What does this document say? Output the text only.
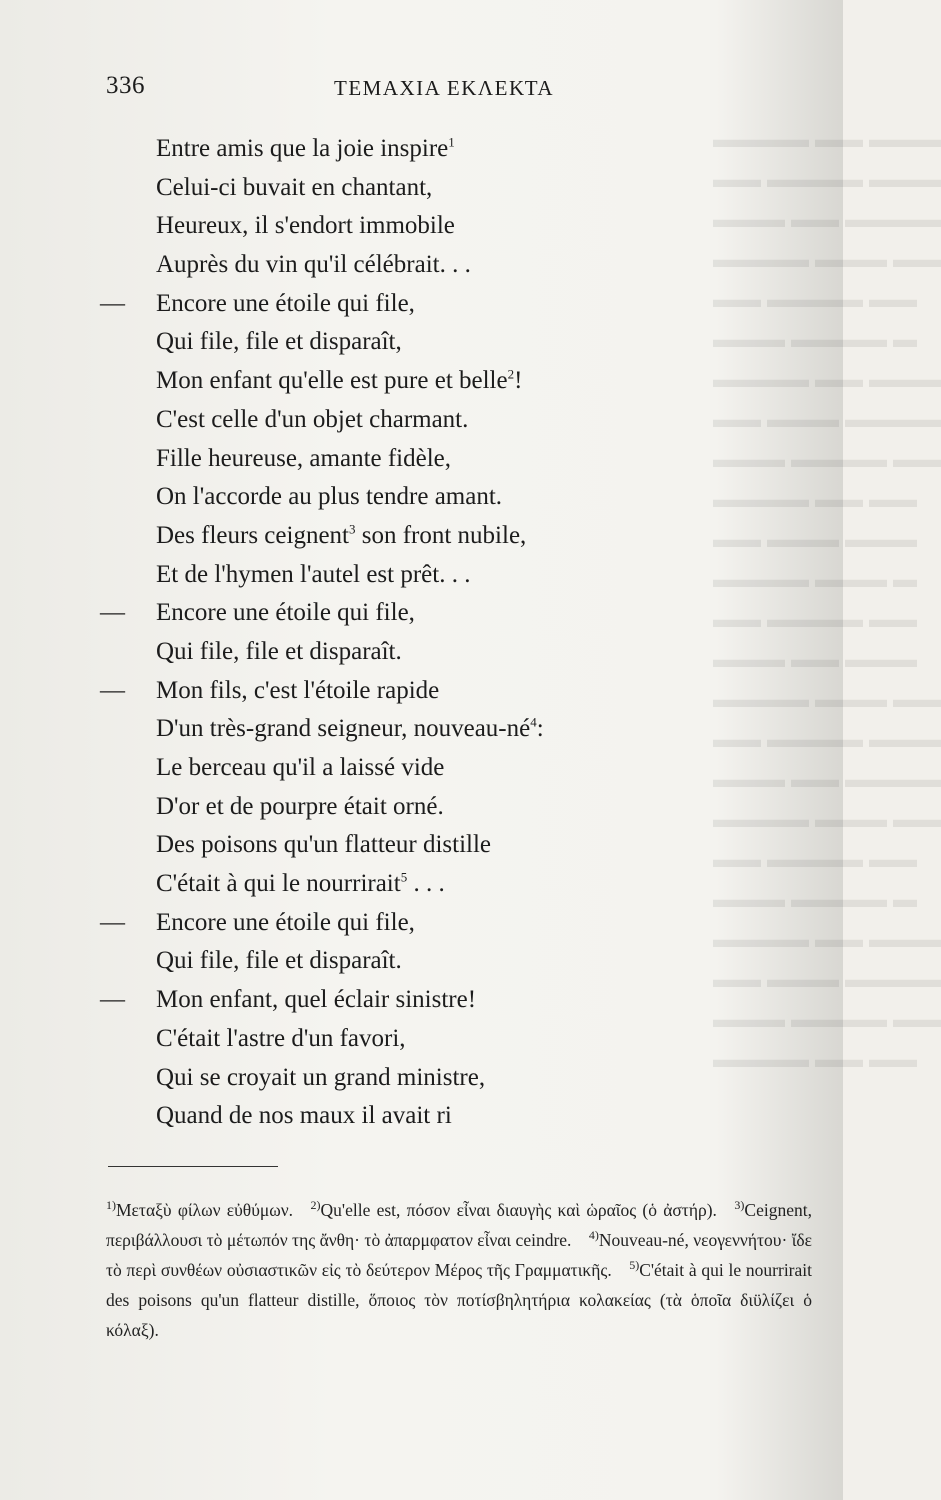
▬▬▬▬ ▬▬ ▬▬▬
▬▬ ▬▬▬▬ ▬▬▬
▬▬▬ ▬▬ ▬▬▬▬
▬▬▬▬ ▬▬▬ ▬▬
▬▬ ▬▬▬▬ ▬▬
▬▬▬ ▬▬▬▬ ▬
▬▬▬▬ ▬▬ ▬▬▬
▬▬ ▬▬▬ ▬▬▬▬
▬▬▬ ▬▬▬▬ ▬▬
▬▬▬▬ ▬▬ ▬▬
▬▬ ▬▬▬ ▬▬▬
▬▬▬▬ ▬▬▬ ▬
▬▬ ▬▬▬▬ ▬▬
▬▬▬ ▬▬ ▬▬▬
▬▬▬▬ ▬▬▬ ▬▬
▬▬ ▬▬▬▬ ▬▬▬
▬▬▬ ▬▬ ▬▬▬▬
▬▬▬▬ ▬▬▬ ▬▬
▬▬ ▬▬▬▬ ▬▬
▬▬▬ ▬▬▬▬ ▬
▬▬▬▬ ▬▬ ▬▬▬
▬▬ ▬▬▬ ▬▬▬▬
▬▬▬ ▬▬▬▬ ▬▬
▬▬▬▬ ▬▬ ▬▬
336	ΤΕΜΑΧΙΑ ΕΚΛΕΚΤΑ
Entre amis que la joie inspire$^1$
Celui-ci buvait en chantant,
Heureux, il s'endort immobile
Auprès du vin qu'il célébrait. . .
—	Encore une étoile qui file,
Qui file, file et disparaît,
Mon enfant qu'elle est pure et belle$^2$!
C'est celle d'un objet charmant.
Fille heureuse, amante fidèle,
On l'accorde au plus tendre amant.
Des fleurs ceignent$^3$ son front nubile,
Et de l'hymen l'autel est prêt. . .
—	Encore une étoile qui file,
Qui file, file et disparaît.
—	Mon fils, c'est l'étoile rapide
D'un très-grand seigneur, nouveau-$né^4$:
Le berceau qu'il a laissé vide
D'or et de pourpre était orné.
Des poisons qu'un flatteur distille
C'était à qui le nourrirait$^5$ . . .
—	Encore une étoile qui file,
Qui file, file et disparaît.
—	Mon enfant, quel éclair sinistre!
C'était l'astre d'un favori,
Qui se croyait un grand ministre,
Quand de nos maux il avait ri
$^{1)}$Μεταξὺ φίλων εὐθύμων.  $^{2)}$Qu'elle est, πόσον εἶναι διαυγὴς καὶ ὡραῖος (ὁ ἀστήρ).  $^{3)}$Ceignent, περιβάλλουσι τὸ μέτωπόν της ἄνθη· τὸ ἀπαρμφατον εἶναι ceindre.  $^{4)}$Nouveau-né, νεογεννήτου· ἴδε τὸ περὶ συνθέων οὐσιαστικῶν εἰς τὸ δεύτερον Μέρος τῆς Γραμματικῆς.  $^{5)}$C'était à qui le nourrirait des poisons qu'un flatteur distille, ὅποιος τὸν ποτίσβηλητήρια κολακείας (τὰ ὁποῖα διϋλίζει ὁ κόλαξ). 
